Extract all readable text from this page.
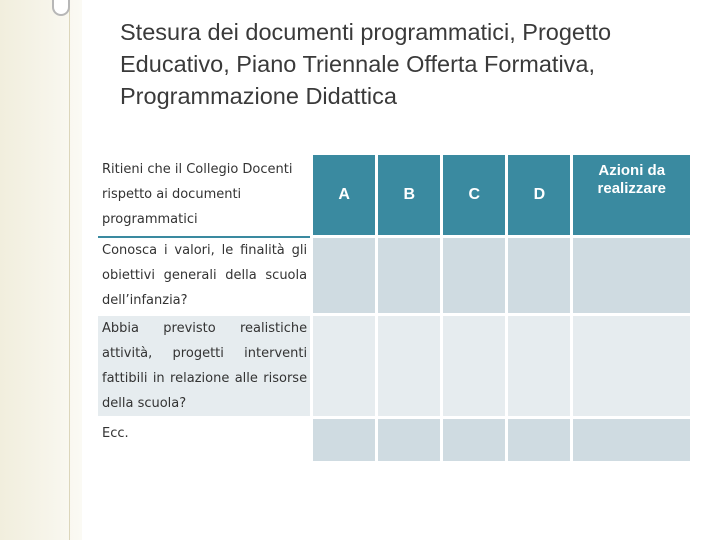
Stesura dei documenti programmatici, Progetto Educativo, Piano Triennale Offerta Formativa, Programmazione Didattica
Ritieni che il Collegio Docenti rispetto ai documenti programmatici	A	B	C	D	Azioni da realizzare
Conosca i valori, le finalità gli obiettivi generali della scuola dell’infanzia?					
Abbia previsto realistiche attività, progetti interventi fattibili in relazione alle risorse della scuola?					
Ecc.					
